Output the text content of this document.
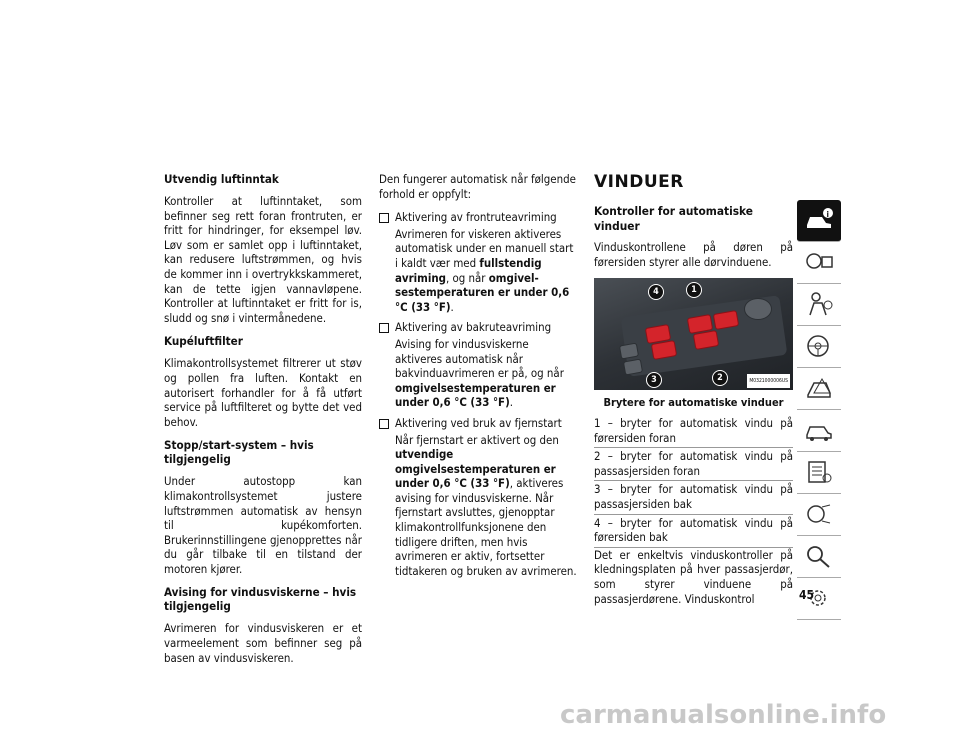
Utvendig luftinntak

Kontroller at luftinntaket, som befinner seg rett foran frontruten, er fritt for hindringer, for eksempel løv. Løv som er samlet opp i luftinntaket, kan redusere luftstrømmen, og hvis de kommer inn i overtrykkskammeret, kan de tette igjen vannavløpene. Kontroller at luftinntaket er fritt for is, sludd og snø i vintermånedene.

Kupéluftfilter

Klimakontrollsystemet filtrerer ut støv og pollen fra luften. Kontakt en autorisert forhandler for å få utført service på luftfilteret og bytte det ved behov.

Stopp/start-system – hvis tilgjengelig

Under autostopp kan klimakontrollsystemet justere luftstrømmen automatisk av hensyn til kupékomforten. Brukerinnstillingene gjenopprettes når du går tilbake til en tilstand der motoren kjører.

Avising for vindusviskerne – hvis tilgjengelig

Avrimeren for vindusviskeren er et varmeelement som befinner seg på basen av vindusviskeren.

Den fungerer automatisk når følgende forhold er oppfylt:

Aktivering av frontruteavriming
Avrimeren for viskeren aktiveres automatisk under en manuell start i kaldt vær med fullstendig avriming, og når omgivelsestemperaturen er under 0,6 °C (33 °F).
Aktivering av bakruteavriming
Avising for vindusviskerne aktiveres automatisk når bakvinduavrimeren er på, og når omgivelsestemperaturen er under 0,6 °C (33 °F).
Aktivering ved bruk av fjernstart
Når fjernstart er aktivert og den utvendige omgivelsestemperaturen er under 0,6 °C (33 °F), aktiveres avising for vindusviskerne. Når fjernstart avsluttes, gjenopptar klimakontrollfunksjonene den tidligere driften, men hvis avrimeren er aktiv, fortsetter tidtakeren og bruken av avrimeren.
VINDUER
Kontroller for automatiske vinduer

Vinduskontrollene på døren på førersiden styrer alle dørvinduene.

4	1
3	2	M0321000006US
Brytere for automatiske vinduer
1 – bryter for automatisk vindu på førersiden foran
2 – bryter for automatisk vindu på passasjersiden foran
3 – bryter for automatisk vindu på passasjersiden bak
4 – bryter for automatisk vindu på førersiden bak

Det er enkeltvis vinduskontroller på kledningsplaten på hver passasjerdør, som styrer vinduene på passasjerdørene. Vinduskontrol

i
45
carmanualsonline.info
